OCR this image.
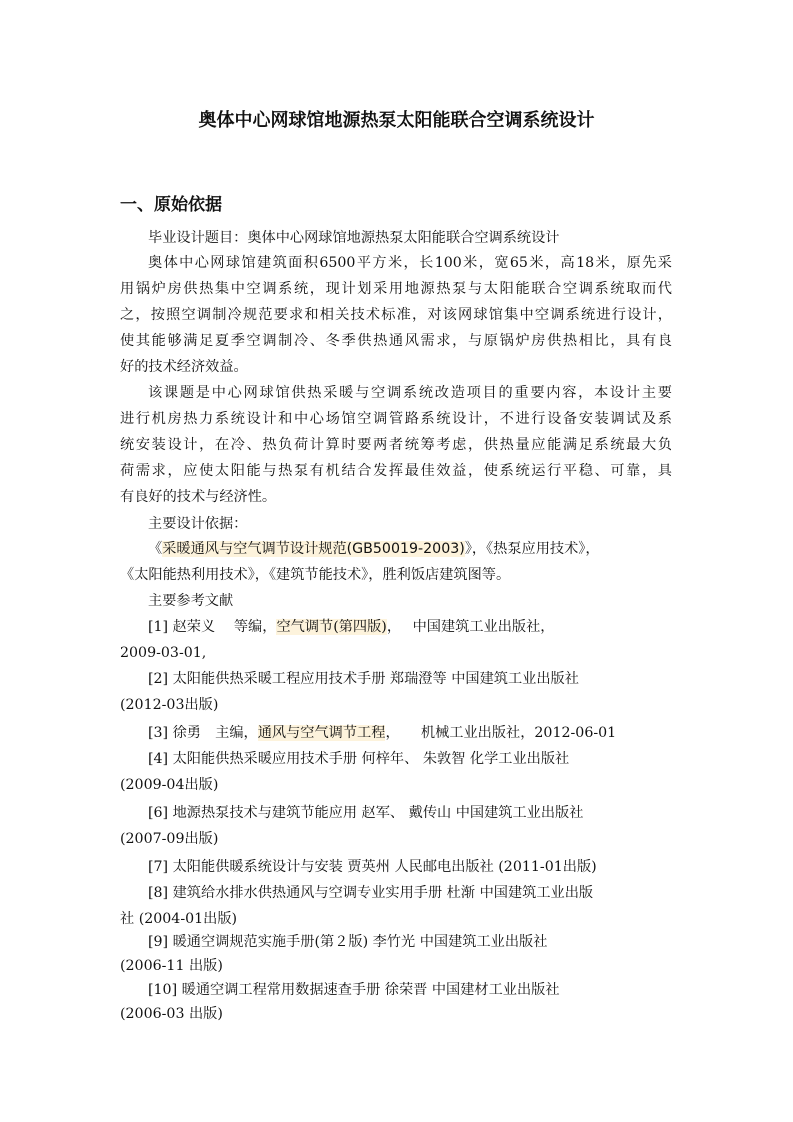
奥体中心网球馆地源热泵太阳能联合空调系统设计
一、原始依据
毕业设计题目：奥体中心网球馆地源热泵太阳能联合空调系统设计
奥体中心网球馆建筑面积6500平方米，长100米，宽65米，高18米，原先采
用锅炉房供热集中空调系统，现计划采用地源热泵与太阳能联合空调系统取而代
之，按照空调制冷规范要求和相关技术标准，对该网球馆集中空调系统进行设计，
使其能够满足夏季空调制冷、冬季供热通风需求，与原锅炉房供热相比，具有良
好的技术经济效益。
该课题是中心网球馆供热采暖与空调系统改造项目的重要内容，本设计主要
进行机房热力系统设计和中心场馆空调管路系统设计，不进行设备安装调试及系
统安装设计，在冷、热负荷计算时要两者统筹考虑，供热量应能满足系统最大负
荷需求，应使太阳能与热泵有机结合发挥最佳效益，使系统运行平稳、可靠，具
有良好的技术与经济性。
主要设计依据：
《采暖通风与空气调节设计规范(GB50019-2003)》，《热泵应用技术》，
《太阳能热利用技术》，《建筑节能技术》，胜利饭店建筑图等。
主要参考文献
[1] 赵荣义　 等编，空气调节(第四版)，　 中国建筑工业出版社，
2009-03-01,
[2] 太阳能供热采暖工程应用技术手册 郑瑞澄等 中国建筑工业出版社
(2012-03出版)
[3] 徐勇　主编，通风与空气调节工程，　　机械工业出版社，2012-06-01
[4] 太阳能供热采暖应用技术手册 何梓年、 朱敦智 化学工业出版社
(2009-04出版)
[6] 地源热泵技术与建筑节能应用 赵军、 戴传山 中国建筑工业出版社
(2007-09出版)
[7] 太阳能供暖系统设计与安装 贾英州 人民邮电出版社 (2011-01出版)
[8] 建筑给水排水供热通风与空调专业实用手册 杜渐 中国建筑工业出版
社 (2004-01出版)
[9] 暖通空调规范实施手册(第２版) 李竹光 中国建筑工业出版社
(2006-11 出版)
[10] 暖通空调工程常用数据速查手册 徐荣晋 中国建材工业出版社
(2006-03 出版)
